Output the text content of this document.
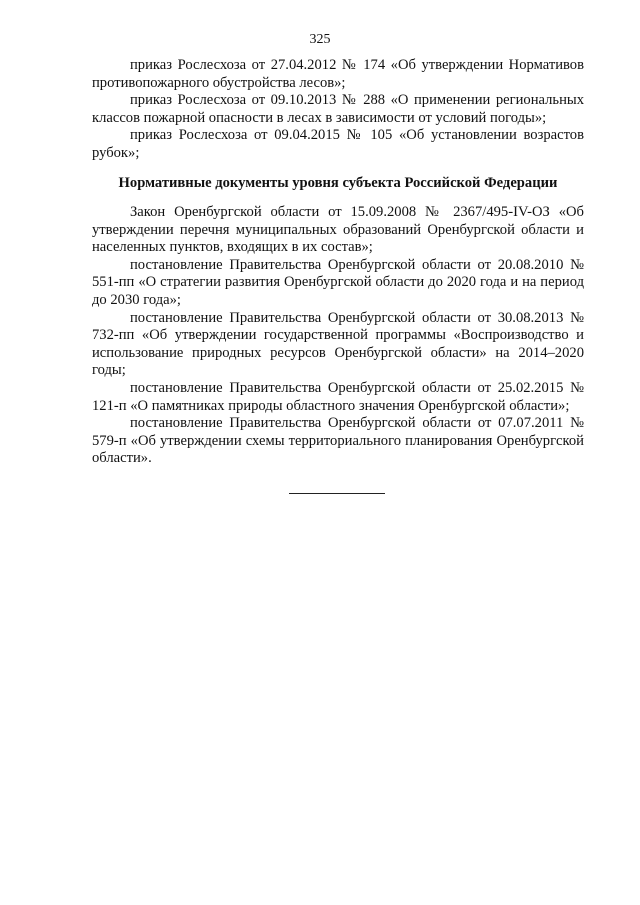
325

приказ Рослесхоза от 27.04.2012 № 174 «Об утверждении Нормативов противопожарного обустройства лесов»;

приказ Рослесхоза от 09.10.2013 № 288 «О применении региональных классов пожарной опасности в лесах в зависимости от условий погоды»;

приказ Рослесхоза от 09.04.2015 № 105 «Об установлении возрастов рубок»;

Нормативные документы уровня субъекта Российской Федерации

Закон Оренбургской области от 15.09.2008 № 2367/495-IV-ОЗ «Об утверждении перечня муниципальных образований Оренбургской области и населенных пунктов, входящих в их состав»;

постановление Правительства Оренбургской области от 20.08.2010 № 551-пп «О стратегии развития Оренбургской области до 2020 года и на период до 2030 года»;

постановление Правительства Оренбургской области от 30.08.2013 № 732-пп «Об утверждении государственной программы «Воспроизводство и использование природных ресурсов Оренбургской области» на 2014–2020 годы;

постановление Правительства Оренбургской области от 25.02.2015 № 121-п «О памятниках природы областного значения Оренбургской области»;

постановление Правительства Оренбургской области от 07.07.2011 № 579-п «Об утверждении схемы территориального планирования Оренбургской области».
